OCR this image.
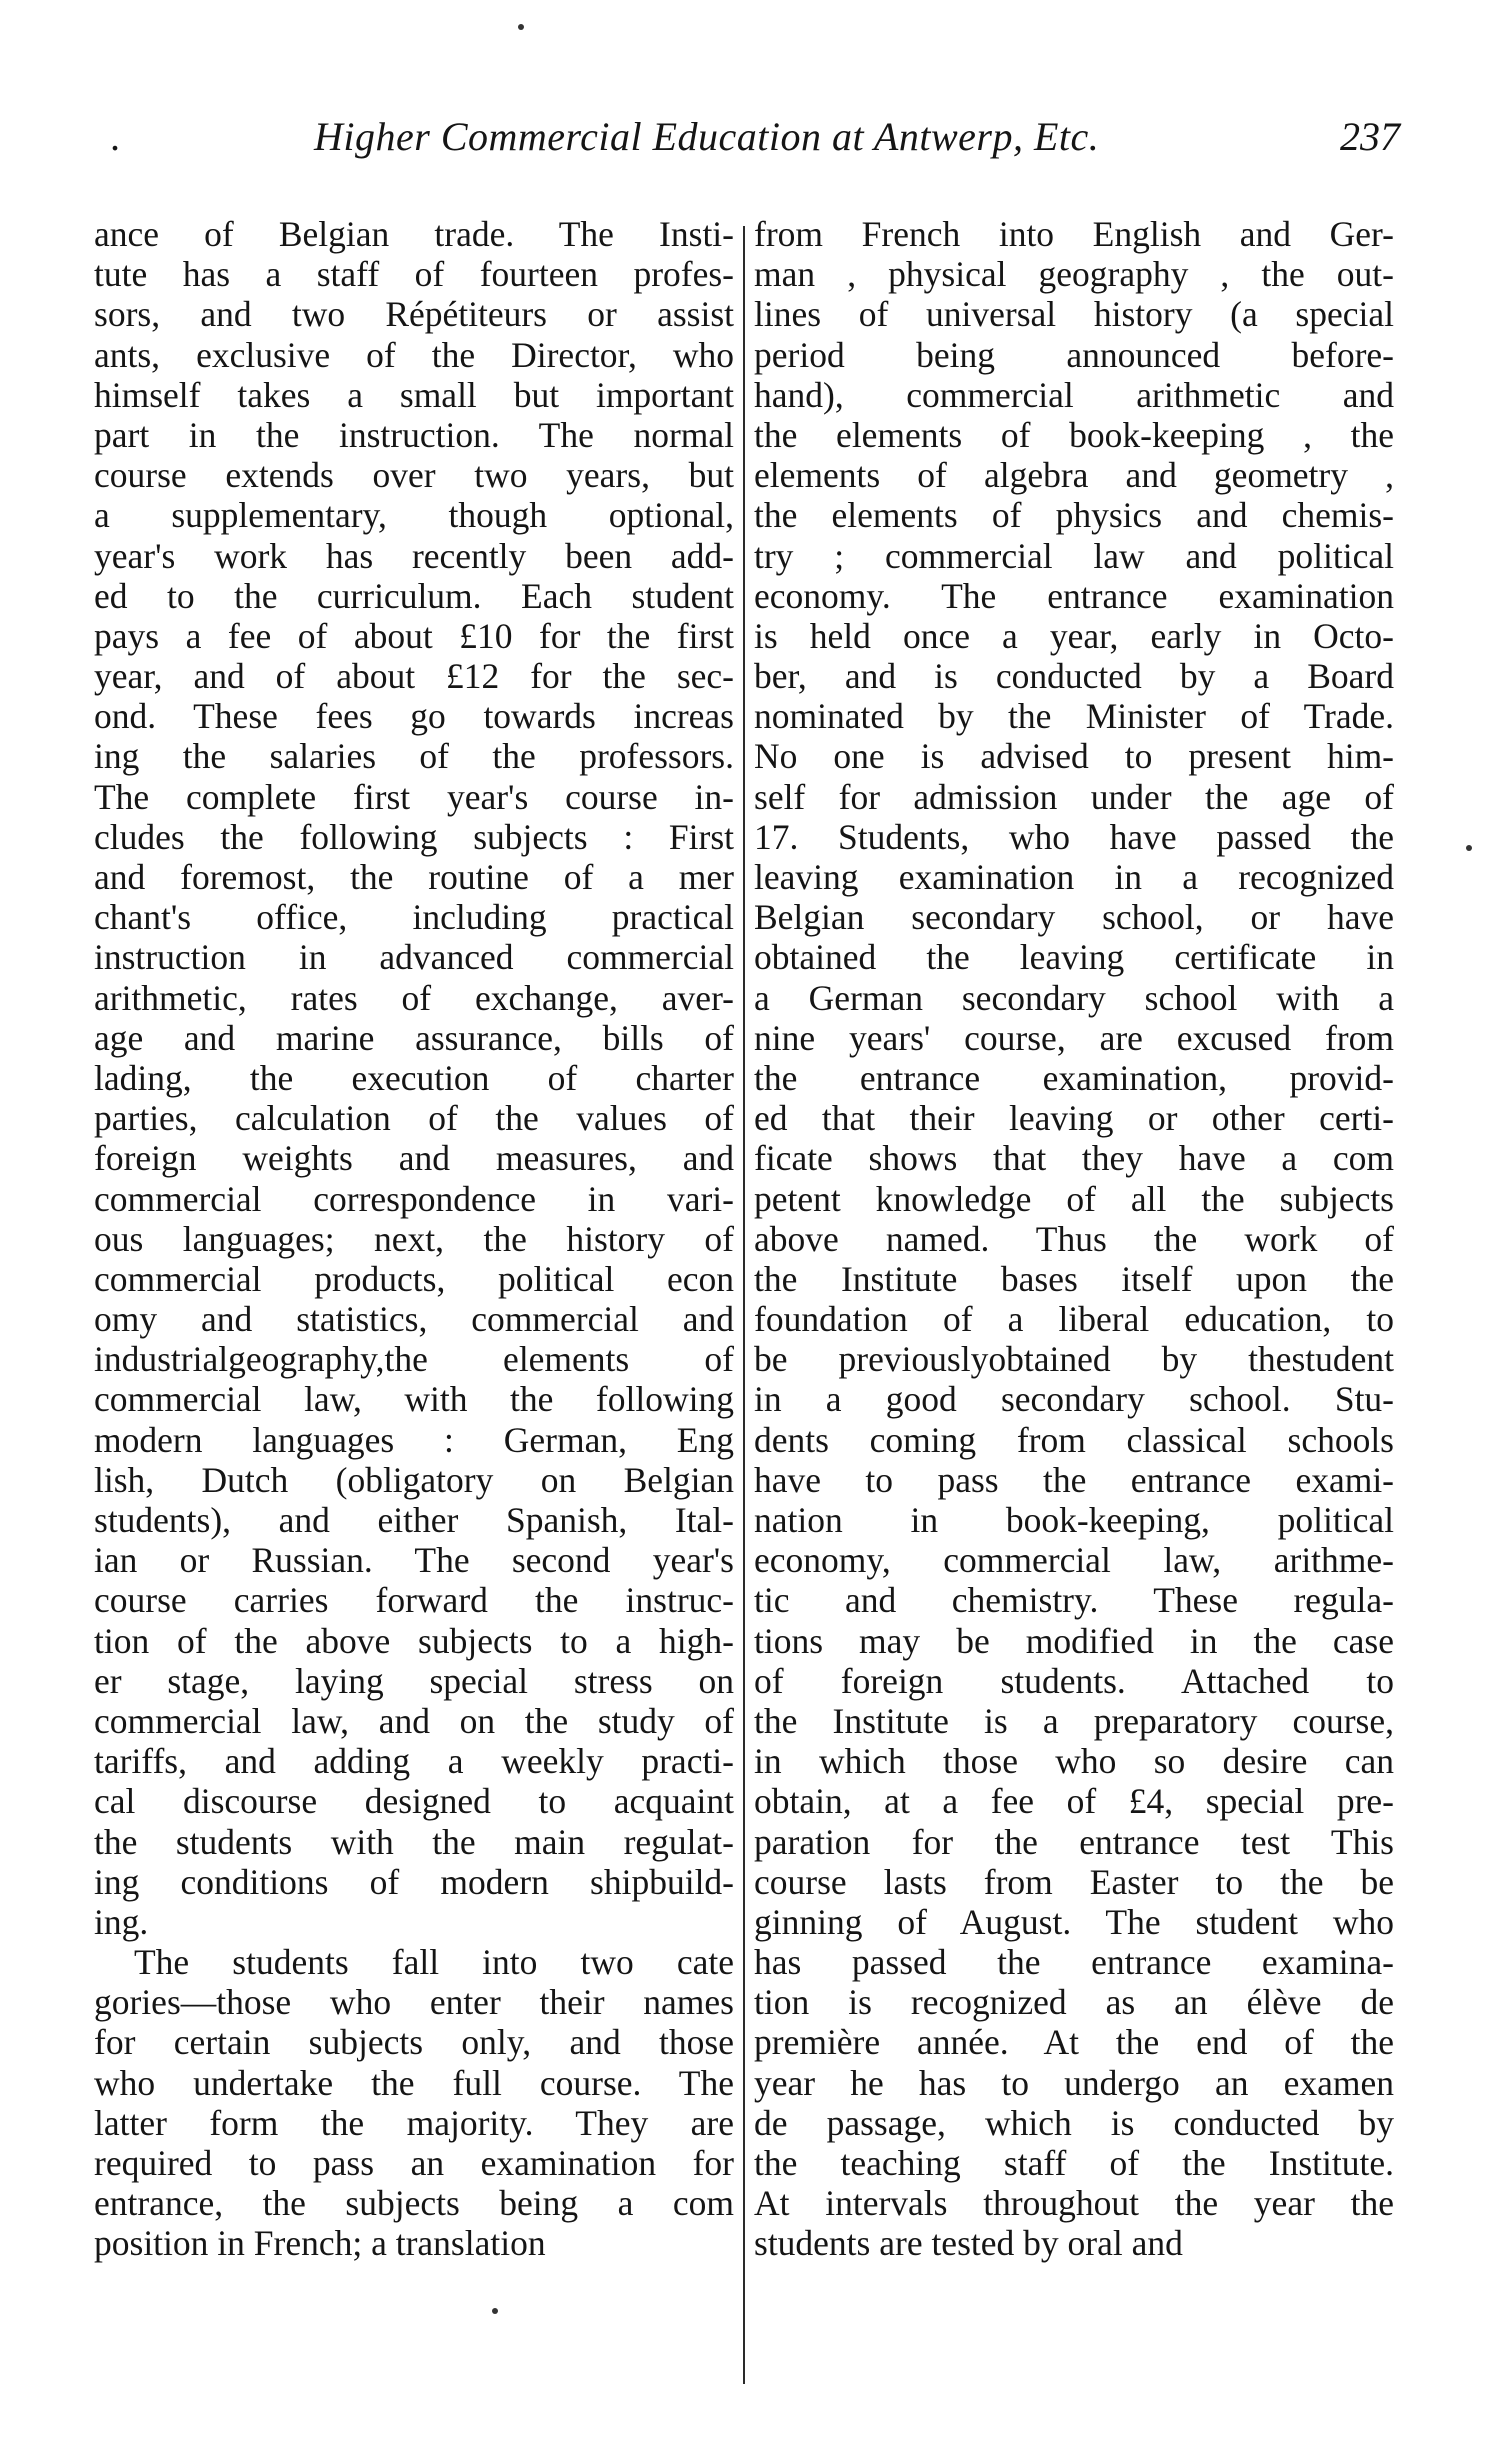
.	Higher Commercial Education at Antwerp, Etc.	237
ance of Belgian trade. The Insti-
tute has a staff of fourteen profes-
sors, and two Répétiteurs or assist
ants, exclusive of the Director, who
himself takes a small but important
part in the instruction. The normal
course extends over two years, but
a supplementary, though optional,
year's work has recently been add-
ed to the curriculum. Each student
pays a fee of about £10 for the first
year, and of about £12 for the sec-
ond. These fees go towards increas
ing the salaries of the professors.
The complete first year's course in-
cludes the following subjects : First
and foremost, the routine of a mer
chant's office, including practical
instruction in advanced commercial
arithmetic, rates of exchange, aver-
age and marine assurance, bills of
lading, the execution of charter
parties, calculation of the values of
foreign weights and measures, and
commercial correspondence in vari-
ous languages; next, the history of
commercial products, political econ
omy and statistics, commercial and
industrialgeography,the elements of
commercial law, with the following
modern languages : German, Eng
lish, Dutch (obligatory on Belgian
students), and either Spanish, Ital-
ian or Russian. The second year's
course carries forward the instruc-
tion of the above subjects to a high-
er stage, laying special stress on
commercial law, and on the study of
tariffs, and adding a weekly practi-
cal discourse designed to acquaint
the students with the main regulat-
ing conditions of modern shipbuild-
ing.
The students fall into two cate
gories—those who enter their names
for certain subjects only, and those
who undertake the full course. The
latter form the majority. They are
required to pass an examination for
entrance, the subjects being a com
position in French; a translation
from French into English and Ger-
man , physical geography , the out-
lines of universal history (a special
period being announced before-
hand), commercial arithmetic and
the elements of book-keeping , the
elements of algebra and geometry ,
the elements of physics and chemis-
try ; commercial law and political
economy. The entrance examination
is held once a year, early in Octo-
ber, and is conducted by a Board
nominated by the Minister of Trade.
No one is advised to present him-
self for admission under the age of
17. Students, who have passed the
leaving examination in a recognized
Belgian secondary school, or have
obtained the leaving certificate in
a German secondary school with a
nine years' course, are excused from
the entrance examination, provid-
ed that their leaving or other certi-
ficate shows that they have a com
petent knowledge of all the subjects
above named. Thus the work of
the Institute bases itself upon the
foundation of a liberal education, to
be previouslyobtained by thestudent
in a good secondary school. Stu-
dents coming from classical schools
have to pass the entrance exami-
nation in book-keeping, political
economy, commercial law, arithme-
tic and chemistry. These regula-
tions may be modified in the case
of foreign students. Attached to
the Institute is a preparatory course,
in which those who so desire can
obtain, at a fee of £4, special pre-
paration for the entrance test This
course lasts from Easter to the be
ginning of August. The student who
has passed the entrance examina-
tion is recognized as an élève de
première année. At the end of the
year he has to undergo an examen
de passage, which is conducted by
the teaching staff of the Institute.
At intervals throughout the year the
students are tested by oral and
